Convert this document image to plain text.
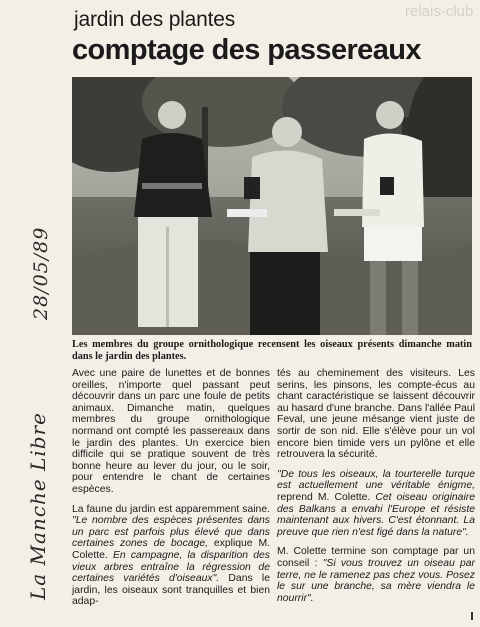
relais-club
jardin des plantes
comptage des passereaux
Les membres du groupe ornithologique recensent les oiseaux présents dimanche matin dans le jardin des plantes.

Avec une paire de lunettes et de bonnes oreilles, n'importe quel passant peut découvrir dans un parc une foule de petits animaux. Dimanche matin, quelques membres du groupe ornithologique normand ont compté les passereaux dans le jardin des plantes. Un exercice bien difficile qui se pratique souvent de très bonne heure au lever du jour, ou le soir, pour entendre le chant de certaines espèces.

La faune du jardin est apparemment saine. "Le nombre des espèces présentes dans un parc est parfois plus élevé que dans certaines zones de bocage, explique M. Colette. En campagne, la disparition des vieux arbres entraîne la régression de certaines variétés d'oiseaux". Dans le jardin, les oiseaux sont tranquilles et bien adap-

tés au cheminement des visiteurs. Les serins, les pinsons, les compte-écus au chant caractéristique se laissent découvrir au hasard d'une branche. Dans l'allée Paul Feval, une jeune mésange vient juste de sortir de son nid. Elle s'élève pour un vol encore bien timide vers un pylône et elle retrouvera la sécurité.

"De tous les oiseaux, la tourterelle turque est actuellement une véritable énigme, reprend M. Colette. Cet oiseau originaire des Balkans a envahi l'Europe et résiste maintenant aux hivers. C'est étonnant. La preuve que rien n'est figé dans la nature".

M. Colette termine son comptage par un conseil : "Si vous trouvez un oiseau par terre, ne le ramenez pas chez vous. Posez le sur une branche, sa mère viendra le nourrir".

La Manche Libre
28/05/89
